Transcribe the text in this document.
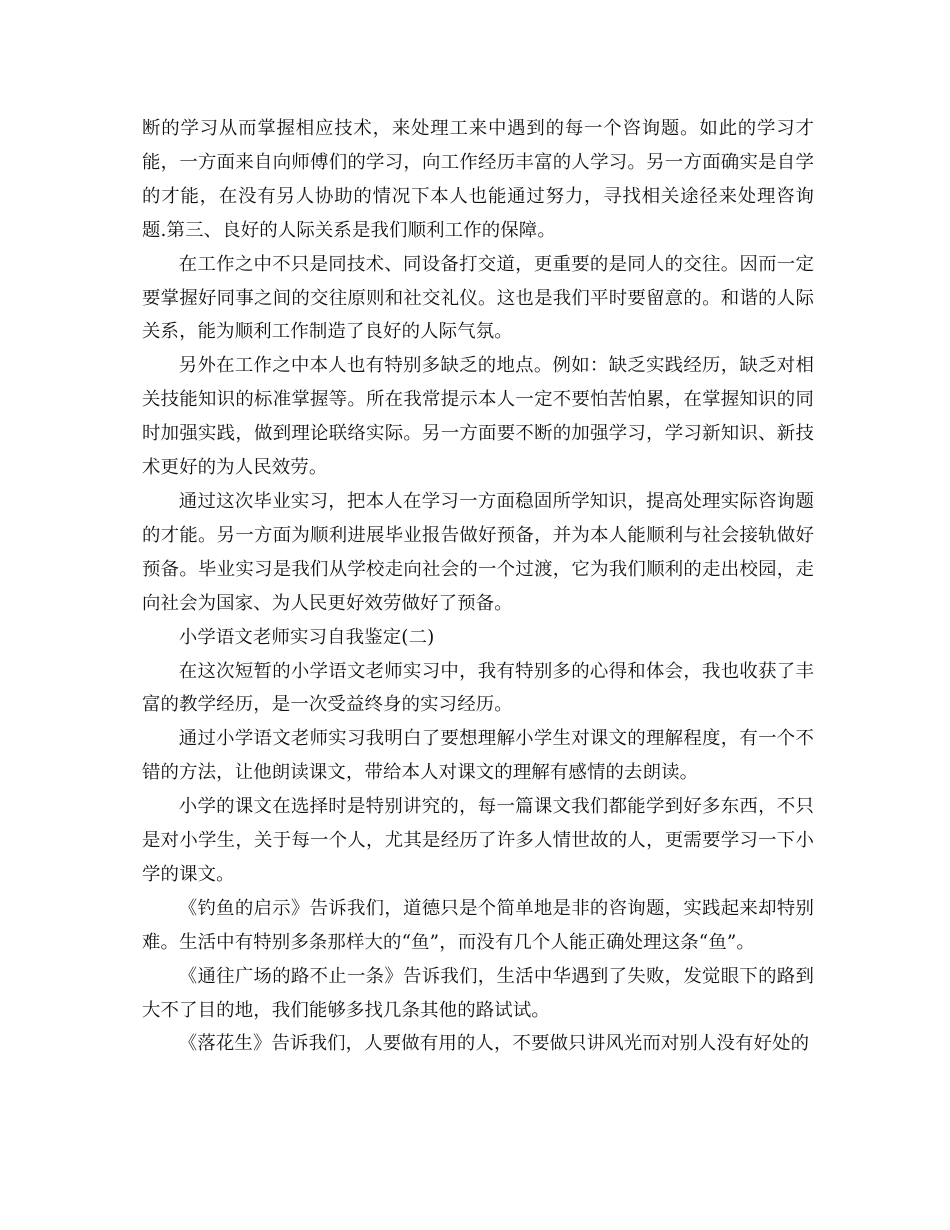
断的学习从而掌握相应技术，来处理工来中遇到的每一个咨询题。如此的学习才能，一方面来自向师傅们的学习，向工作经历丰富的人学习。另一方面确实是自学的才能，在没有另人协助的情况下本人也能通过努力，寻找相关途径来处理咨询题.第三、良好的人际关系是我们顺利工作的保障。

在工作之中不只是同技术、同设备打交道，更重要的是同人的交往。因而一定要掌握好同事之间的交往原则和社交礼仪。这也是我们平时要留意的。和谐的人际关系，能为顺利工作制造了良好的人际气氛。

另外在工作之中本人也有特别多缺乏的地点。例如：缺乏实践经历，缺乏对相关技能知识的标准掌握等。所在我常提示本人一定不要怕苦怕累，在掌握知识的同时加强实践，做到理论联络实际。另一方面要不断的加强学习，学习新知识、新技术更好的为人民效劳。

通过这次毕业实习，把本人在学习一方面稳固所学知识，提高处理实际咨询题的才能。另一方面为顺利进展毕业报告做好预备，并为本人能顺利与社会接轨做好预备。毕业实习是我们从学校走向社会的一个过渡，它为我们顺利的走出校园，走向社会为国家、为人民更好效劳做好了预备。

小学语文老师实习自我鉴定(二)

在这次短暂的小学语文老师实习中，我有特别多的心得和体会，我也收获了丰富的教学经历，是一次受益终身的实习经历。

通过小学语文老师实习我明白了要想理解小学生对课文的理解程度，有一个不错的方法，让他朗读课文，带给本人对课文的理解有感情的去朗读。

小学的课文在选择时是特别讲究的，每一篇课文我们都能学到好多东西，不只是对小学生，关于每一个人，尤其是经历了许多人情世故的人，更需要学习一下小学的课文。

《钓鱼的启示》告诉我们，道德只是个简单地是非的咨询题，实践起来却特别难。生活中有特别多条那样大的“鱼”，而没有几个人能正确处理这条“鱼”。

《通往广场的路不止一条》告诉我们，生活中华遇到了失败，发觉眼下的路到大不了目的地，我们能够多找几条其他的路试试。

《落花生》告诉我们，人要做有用的人，不要做只讲风光而对别人没有好处的
